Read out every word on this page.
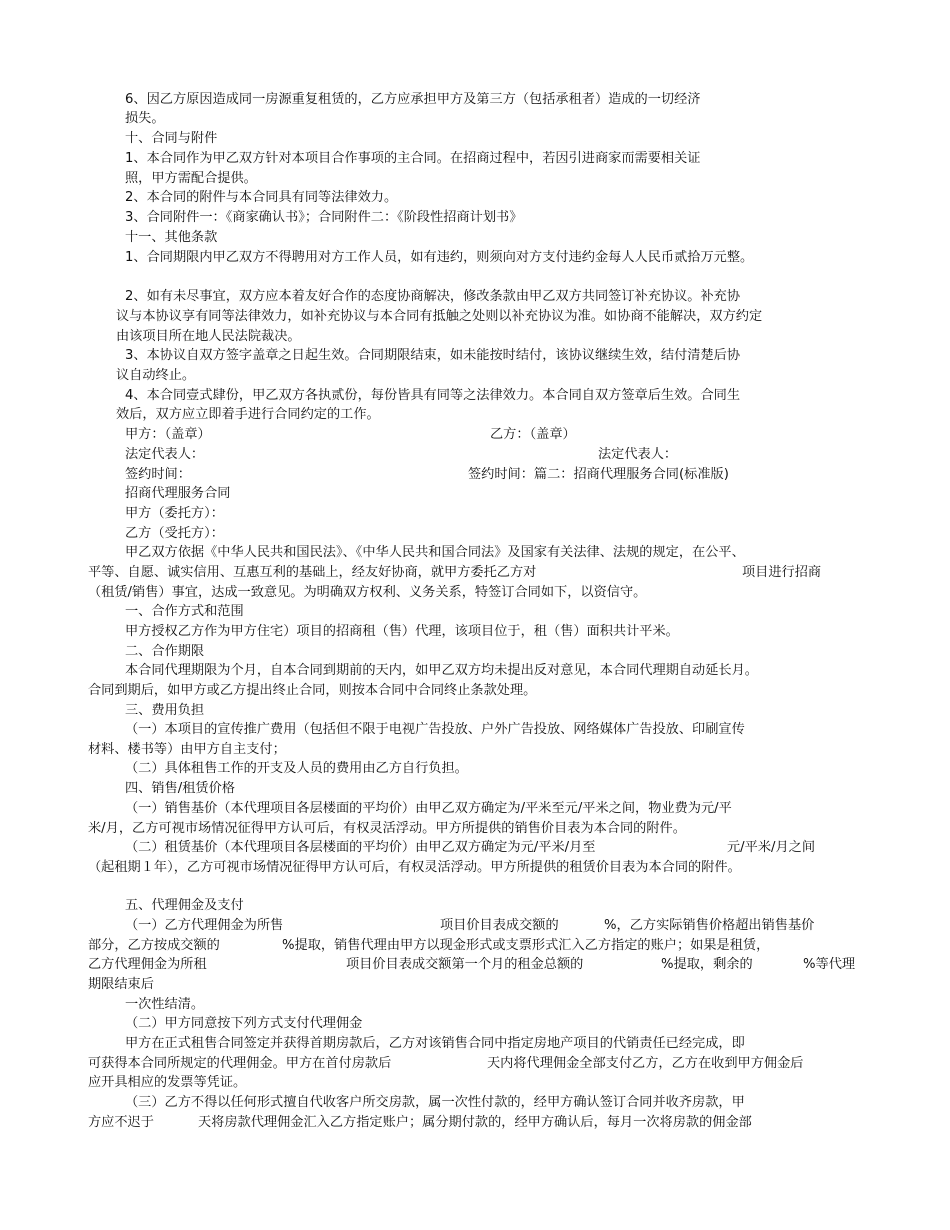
6、因乙方原因造成同一房源重复租赁的，乙方应承担甲方及第三方（包括承租者）造成的一切经济
损失。
十、合同与附件
1、本合同作为甲乙双方针对本项目合作事项的主合同。在招商过程中，若因引进商家而需要相关证
照，甲方需配合提供。
2、本合同的附件与本合同具有同等法律效力。
3、合同附件一：《商家确认书》；合同附件二：《阶段性招商计划书》
十一、其他条款
1、合同期限内甲乙双方不得聘用对方工作人员，如有违约，则须向对方支付违约金每人人民币贰拾万元整。
2、如有未尽事宜，双方应本着友好合作的态度协商解决，修改条款由甲乙双方共同签订补充协议。补充协
议与本协议享有同等法律效力，如补充协议与本合同有抵触之处则以补充协议为准。如协商不能解决，双方约定
由该项目所在地人民法院裁决。
3、本协议自双方签字盖章之日起生效。合同期限结束，如未能按时结付，该协议继续生效，结付清楚后协
议自动终止。
4、本合同壹式肆份，甲乙双方各执贰份，每份皆具有同等之法律效力。本合同自双方签章后生效。合同生
效后，双方应立即着手进行合同约定的工作。
甲方：（盖章）	乙方：（盖章）
法定代表人：	法定代表人：
签约时间：	签约时间：篇二：招商代理服务合同(标准版)
招商代理服务合同
甲方（委托方）：
乙方（受托方）：
甲乙双方依据《中华人民共和国民法》、《中华人民共和国合同法》及国家有关法律、法规的规定，在公平、
平等、自愿、诚实信用、互惠互利的基础上，经友好协商，就甲方委托乙方对	项目进行招商
（租赁/销售）事宜，达成一致意见。为明确双方权利、义务关系，特签订合同如下，以资信守。
一、合作方式和范围
甲方授权乙方作为甲方住宅）项目的招商租（售）代理，该项目位于，租（售）面积共计平米。
二、合作期限
本合同代理期限为个月，自本合同到期前的天内，如甲乙双方均未提出反对意见，本合同代理期自动延长月。
合同到期后，如甲方或乙方提出终止合同，则按本合同中合同终止条款处理。
三、费用负担
（一）本项目的宣传推广费用（包括但不限于电视广告投放、户外广告投放、网络媒体广告投放、印刷宣传
材料、楼书等）由甲方自主支付；
（二）具体租售工作的开支及人员的费用由乙方自行负担。
四、销售/租赁价格
（一）销售基价（本代理项目各层楼面的平均价）由甲乙双方确定为/平米至元/平米之间，物业费为元/平
米/月，乙方可视市场情况征得甲方认可后，有权灵活浮动。甲方所提供的销售价目表为本合同的附件。
（二）租赁基价（本代理项目各层楼面的平均价）由甲乙双方确定为元/平米/月至	元/平米/月之间
（起租期１年），乙方可视市场情况征得甲方认可后，有权灵活浮动。甲方所提供的租赁价目表为本合同的附件。
五、代理佣金及支付
（一）乙方代理佣金为所售	项目价目表成交额的	%，乙方实际销售价格超出销售基价
部分，乙方按成交额的	%提取，销售代理由甲方以现金形式或支票形式汇入乙方指定的账户；如果是租赁，
乙方代理佣金为所租	项目价目表成交额第一个月的租金总额的	%提取，剩余的	%等代理
期限结束后
一次性结清。
（二）甲方同意按下列方式支付代理佣金
甲方在正式租售合同签定并获得首期房款后，乙方对该销售合同中指定房地产项目的代销责任已经完成，即
可获得本合同所规定的代理佣金。甲方在首付房款后	天内将代理佣金全部支付乙方，乙方在收到甲方佣金后
应开具相应的发票等凭证。
（三）乙方不得以任何形式擅自代收客户所交房款，属一次性付款的，经甲方确认签订合同并收齐房款，甲
方应不迟于	天将房款代理佣金汇入乙方指定账户；属分期付款的，经甲方确认后，每月一次将房款的佣金部
